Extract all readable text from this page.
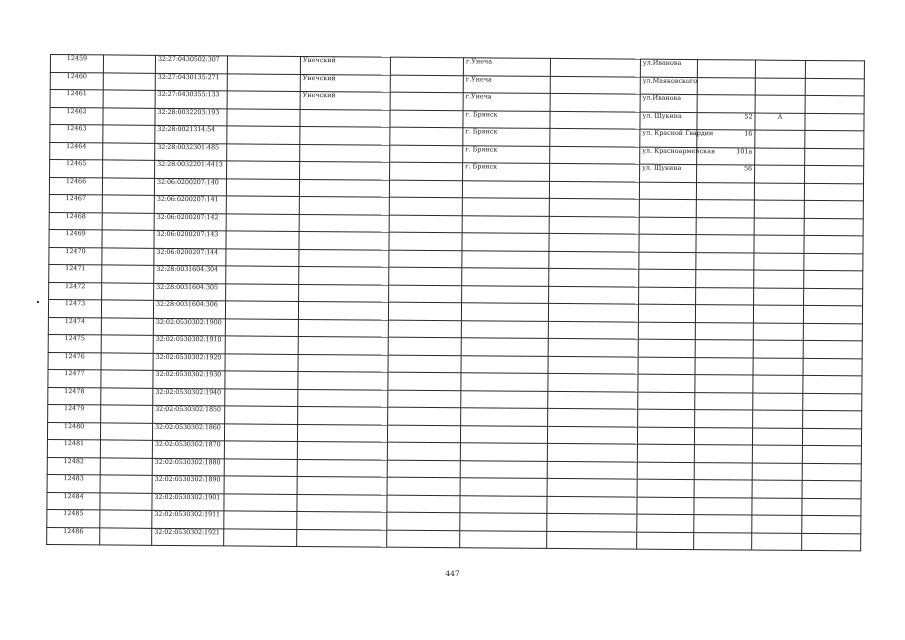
12459		32:27:0430502:307		Унечский		г.Унеча		ул.Иванова			
12460		32:27:0430135:271		Унечский		г.Унеча		ул.Маяковского			
12461		32:27:0430355:133		Унечский		г.Унеча		ул.Иванова			
12462		32:28:0032203:193				г. Брянск		ул. Щукина	52	А	
12463		32:28:0021314:54				г. Брянск		ул. Красной Гвардии	16		
12464		32:28:0032301:485				г. Брянск		ул. Красноармейская	101а		
12465		32:28:0032201:4413				г. Брянск		ул. Щукина	56		
12466		32:06:0200207:140									
12467		32:06:0200207:141									
12468		32:06:0200207:142									
12469		32:06:0200207:143									
12470		32:06:0200207:144									
12471		32:28:0031604:304									
12472		32:28:0031604:305									
12473		32:28:0031604:306									
12474		32:02:0530302:1900									
12475		32:02:0530302:1910									
12476		32:02:0530302:1920									
12477		32:02:0530302:1930									
12478		32:02:0530302:1940									
12479		32:02:0530302:1850									
12480		32:02:0530302:1860									
12481		32:02:0530302:1870									
12482		32:02:0530302:1880									
12483		32:02:0530302:1890									
12484		32:02:0530302:1901									
12485		32:02:0530302:1911									
12486		32:02:0530302:1921									
447
